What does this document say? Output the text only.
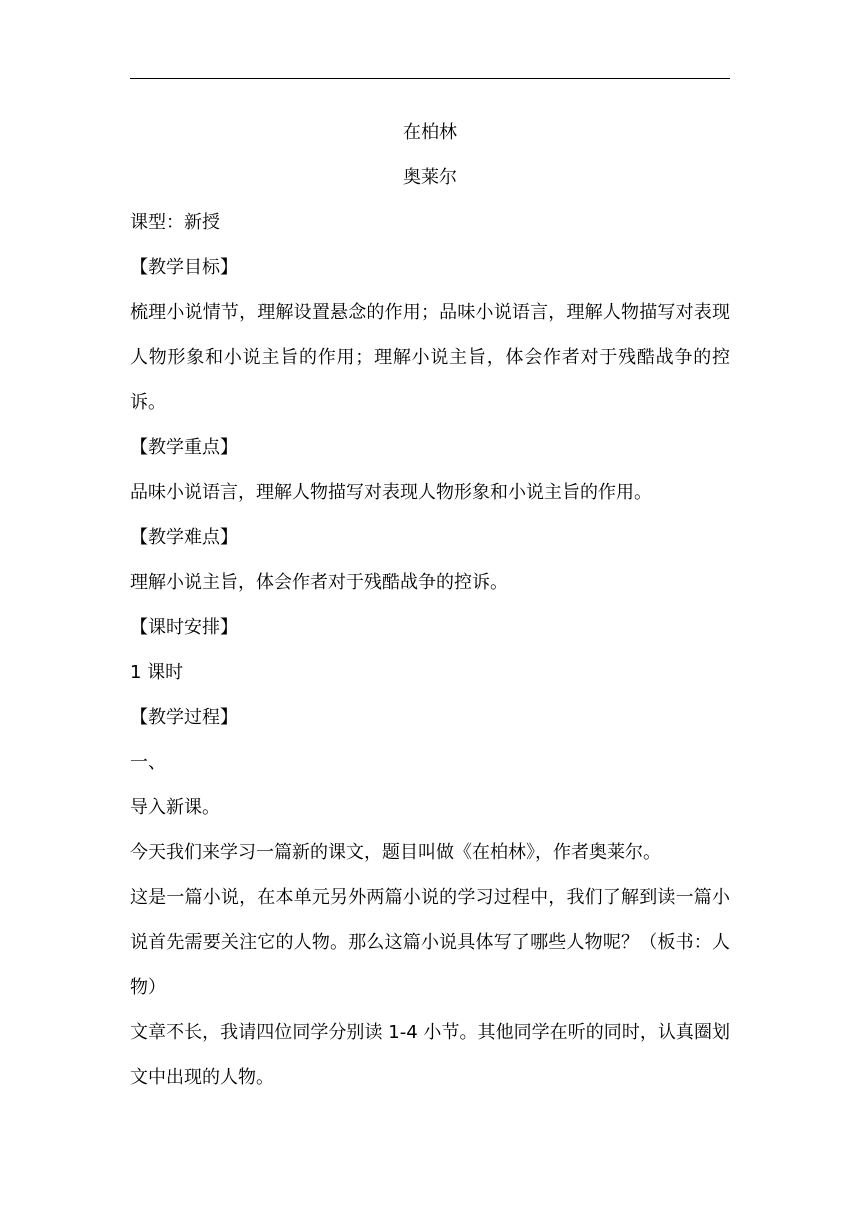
在柏林
奥莱尔
课型：新授
【教学目标】
梳理小说情节，理解设置悬念的作用；品味小说语言，理解人物描写对表现人物形象和小说主旨的作用；理解小说主旨，体会作者对于残酷战争的控诉。
【教学重点】
品味小说语言，理解人物描写对表现人物形象和小说主旨的作用。
【教学难点】
理解小说主旨，体会作者对于残酷战争的控诉。
【课时安排】
1 课时
【教学过程】
一、
导入新课。
今天我们来学习一篇新的课文，题目叫做《在柏林》，作者奥莱尔。
这是一篇小说，在本单元另外两篇小说的学习过程中，我们了解到读一篇小说首先需要关注它的人物。那么这篇小说具体写了哪些人物呢？（板书：人物）
文章不长，我请四位同学分别读 1-4 小节。其他同学在听的同时，认真圈划文中出现的人物。
